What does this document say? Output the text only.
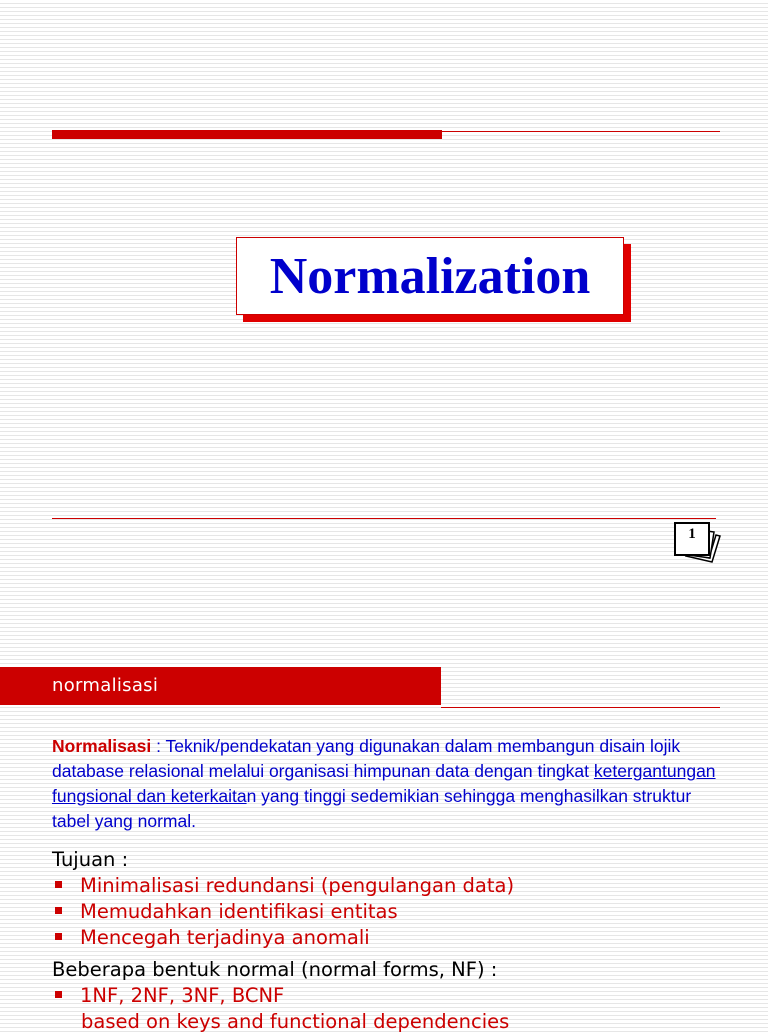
Normalization
1
normalisasi
Normalisasi : Teknik/pendekatan yang digunakan dalam membangun disain lojik database relasional melalui organisasi himpunan data dengan tingkat ketergantungan fungsional dan keterkaitan yang tinggi sedemikian sehingga menghasilkan struktur tabel yang normal.
Tujuan :
Minimalisasi redundansi (pengulangan data)
Memudahkan identifikasi entitas
Mencegah terjadinya anomali
Beberapa bentuk normal (normal forms, NF) :
1NF, 2NF, 3NF, BCNF
based on keys and functional dependencies
